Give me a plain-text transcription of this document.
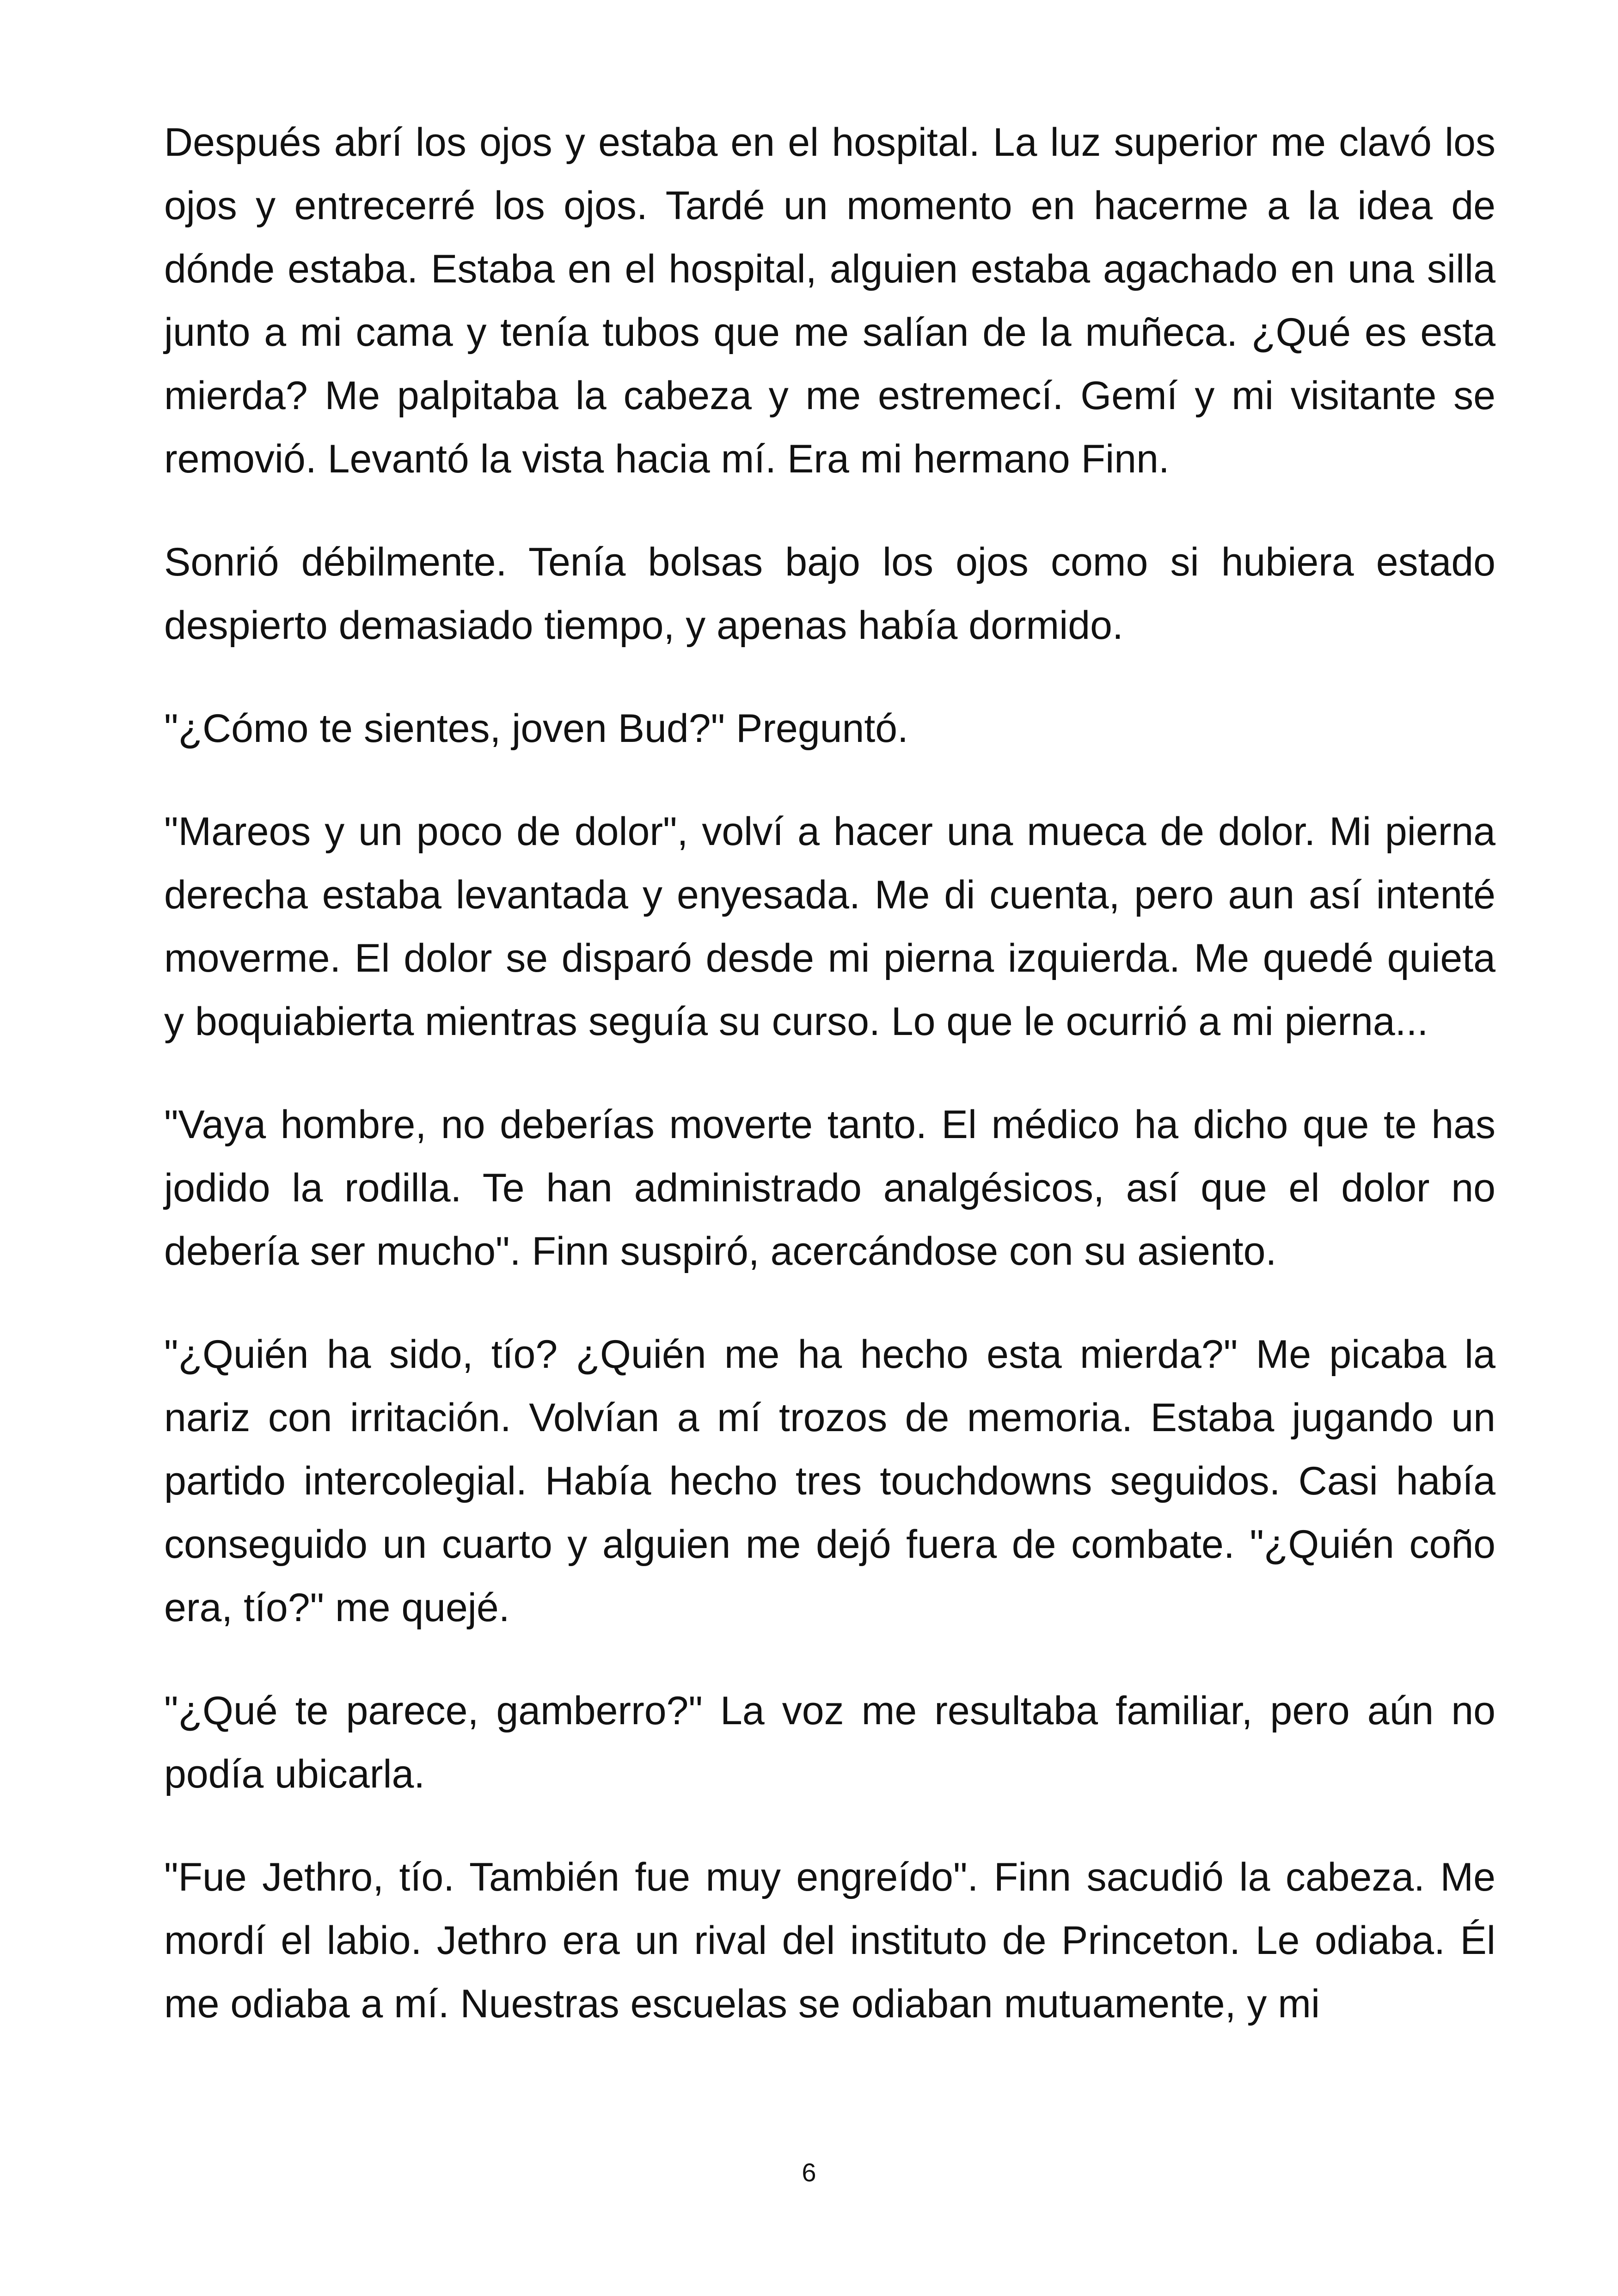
Después abrí los ojos y estaba en el hospital. La luz superior me clavó los ojos y entrecerré los ojos. Tardé un momento en hacerme a la idea de dónde estaba. Estaba en el hospital, alguien estaba agachado en una silla junto a mi cama y tenía tubos que me salían de la muñeca. ¿Qué es esta mierda? Me palpitaba la cabeza y me estremecí. Gemí y mi visitante se removió. Levantó la vista hacia mí. Era mi hermano Finn.

Sonrió débilmente. Tenía bolsas bajo los ojos como si hubiera estado despierto demasiado tiempo, y apenas había dormido.

"¿Cómo te sientes, joven Bud?" Preguntó.

"Mareos y un poco de dolor", volví a hacer una mueca de dolor. Mi pierna derecha estaba levantada y enyesada. Me di cuenta, pero aun así intenté moverme. El dolor se disparó desde mi pierna izquierda. Me quedé quieta y boquiabierta mientras seguía su curso. Lo que le ocurrió a mi pierna...

"Vaya hombre, no deberías moverte tanto. El médico ha dicho que te has jodido la rodilla. Te han administrado analgésicos, así que el dolor no debería ser mucho". Finn suspiró, acercándose con su asiento.

"¿Quién ha sido, tío? ¿Quién me ha hecho esta mierda?" Me picaba la nariz con irritación. Volvían a mí trozos de memoria. Estaba jugando un partido intercolegial. Había hecho tres touchdowns seguidos. Casi había conseguido un cuarto y alguien me dejó fuera de combate. "¿Quién coño era, tío?" me quejé.

"¿Qué te parece, gamberro?" La voz me resultaba familiar, pero aún no podía ubicarla.

"Fue Jethro, tío. También fue muy engreído". Finn sacudió la cabeza. Me mordí el labio. Jethro era un rival del instituto de Princeton. Le odiaba. Él me odiaba a mí. Nuestras escuelas se odiaban mutuamente, y mi

6
